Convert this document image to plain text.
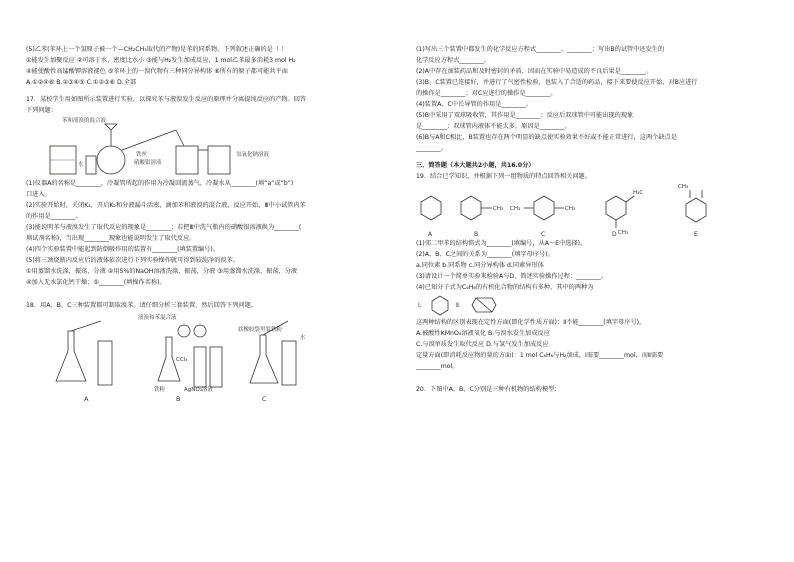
(5)乙苯(苯环上一个氢原子被一个—CH₂CH₃取代的产物)是苯的同系物，下列叙述正确的是（ ）
①能发生加聚反应 ②可溶于水，密度比水小 ③能与H₂发生加成反应，1 mol乙苯最多消耗3 mol H₂
④能使酸性高锰酸钾溶液褪色 ⑤苯环上的一溴代物有三种同分异构体 ⑥所有的原子都可能共平面
A.①②④⑥ B.②③④⑤ C.①②③⑥ D.全部
17．某校学生用如图所示装置进行实验，以探究苯与液溴发生反应的原理并分离提纯反应的产物。回答
下列问题：
苯和液溴的混合液
铁丝
硝酸银溶液
氢氧化钠溶液
水
(1)仪器A的名称是________，冷凝管所起的作用为冷凝回流蒸气，冷凝水从________(填“a”或“b”)
口进入。
(2)实验开始时，关闭K₁，开启K₂和分液漏斗活塞，滴加苯和液溴的混合液，反应开始，Ⅲ中小试管内苯
的作用是________。
(3)能说明苯与液溴发生了取代反应的现象是________；若把Ⅲ中洗气瓶内的硝酸银溶液换为________(
填试剂名称)，当出现________现象也能说明发生了取代反应。
(4)四个实验装置中能起到防倒吸作用的装置有________(填装置编号)。
(5)将三颈烧瓶内反应后的液体依次进行下列实验操作就可得到较纯净的溴苯。
①用蒸馏水洗涤，振荡，分液 ②用5%的NaOH溶液洗涤，振荡，分液 ③用蒸馏水洗涤，振荡，分液
④加入无水氯化钙干燥；⑤________(填操作名称)。
18．用A、B、C三种装置都可制取溴苯。请仔细分析三套装置，然后回答下列问题。
液溴和苯混合液
铁粉
CCl₄
AgNO₃溶液
软橡胶袋里装铁粉
水
A	B	C
(1)写出三个装置中都发生的化学反应方程式________、________；写出B的试管中还发生的
化学反应方程式________。
(2)A中存在加装药品和及时密封的矛盾，因而在实验中易造成的不良后果是________。
(3)B、C装置已连接好，并进行了气密性检验，也装入了合适的药品，接下来要使反应开始，对B应进行
的操作是________；对C应进行的操作是________。
(4)装置A、C中长导管的作用是________。
(5)B中采用了双球吸收管，其作用是________；反应后双球管中可能出现的现象
是________；双球管内液体不能太多，原因是________。
(6)B与A和C相比，B装置也存在两个明显的缺点使实验效果不好或不能正常进行，这两个缺点是
________。
三、简答题（本大题共2小题，共16.0分）
19．结合已学知识，并根据下列一组物质的特点回答相关问题。
CH₃ CH₃	CH₃
H₃C
CH₃
CH₃
A	B	C	D	E
(1)邻二甲苯的结构简式为________(填编号，从A～E中选择)。
(2)A、B、C之间的关系为________(填字母序号)。
a.同位素 b.同系物 c.同分异构体 d.同素异形体
(3)请设计一个简单实验来检验A与D，简述实验操作过程：________。
(4)已知分子式为C₆H₆的有机化合物的结构有多种，其中的两种为
Ⅰ.	Ⅱ.
这两种结构的区别表现在定性方面(即化学性质方面)：Ⅱ不能________(填字母序号)。
A.被酸性KMnO₄溶液氧化 B.与溴水发生加成反应
C.与溴单质发生取代反应 D.与氢气发生加成反应
定量方面(即消耗反应物的量的方面)：1 mol C₆H₆与H₂加成，Ⅰ需要________mol，而Ⅱ需要
________mol。
20．下图中A、B、C分别是三种有机物的结构模型：
